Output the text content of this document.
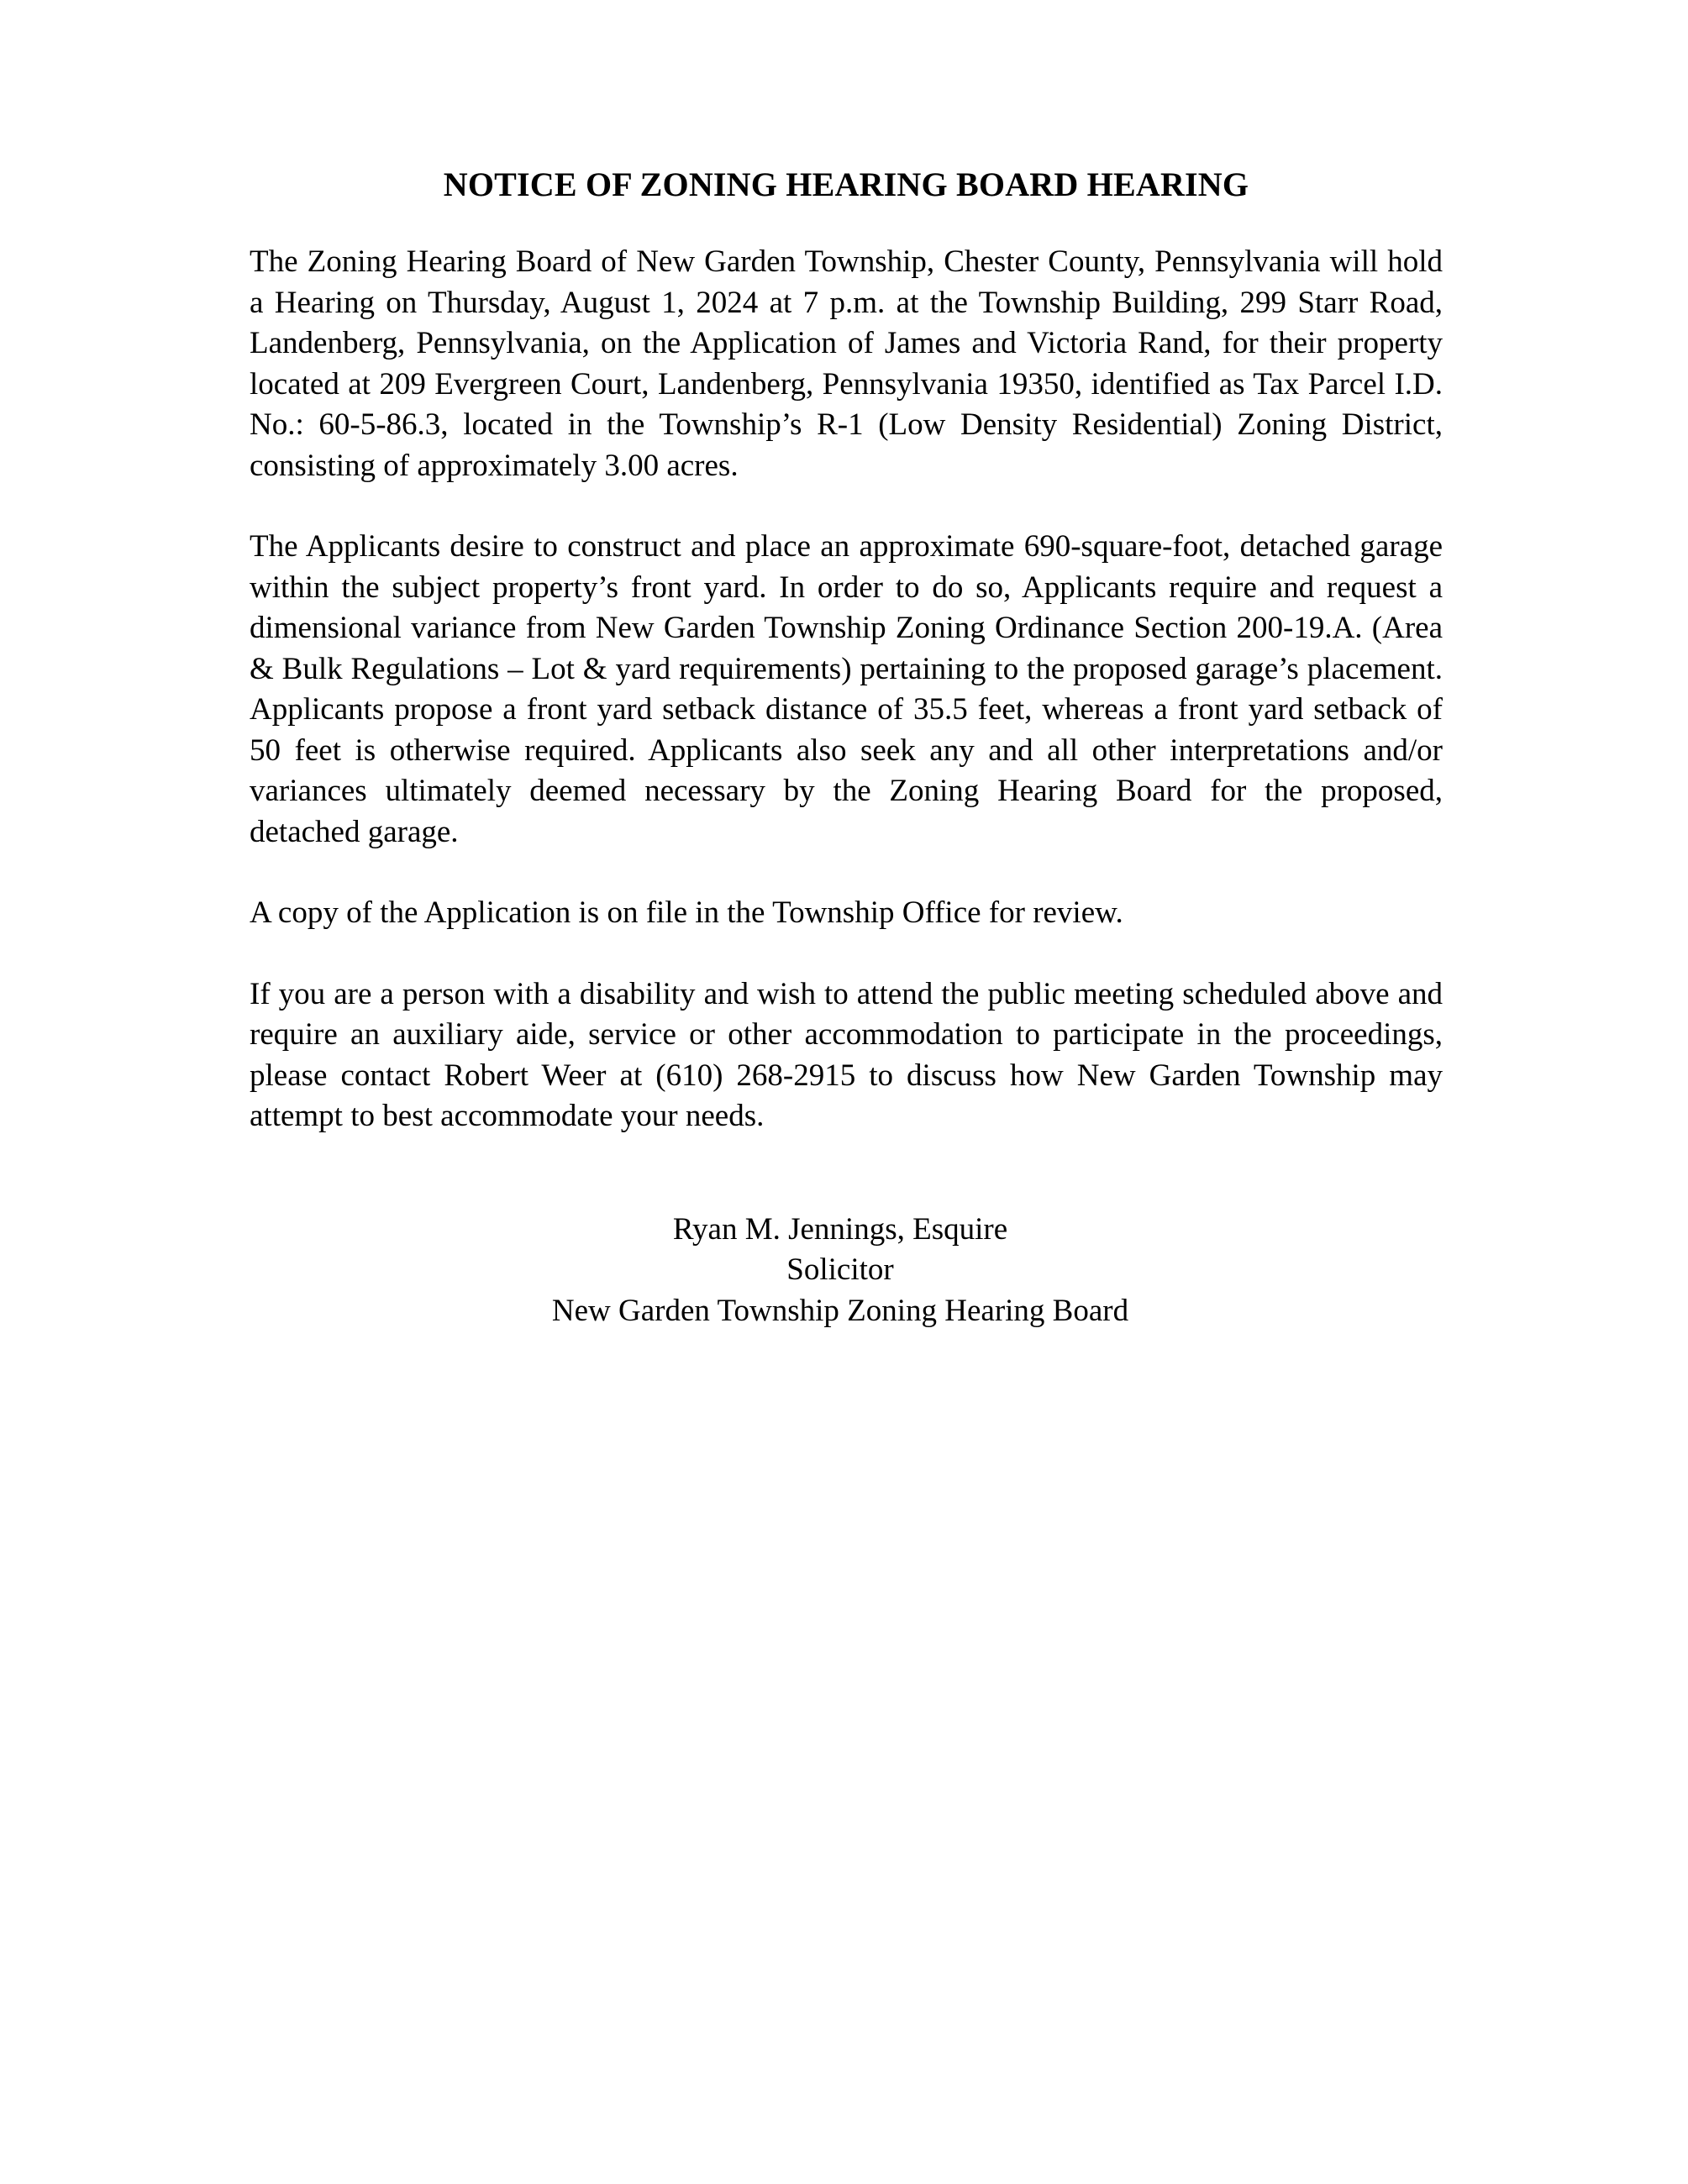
NOTICE OF ZONING HEARING BOARD HEARING

The Zoning Hearing Board of New Garden Township, Chester County, Pennsylvania will hold a Hearing on Thursday, August 1, 2024 at 7 p.m. at the Township Building, 299 Starr Road, Landenberg, Pennsylvania, on the Application of James and Victoria Rand, for their property located at 209 Evergreen Court, Landenberg, Pennsylvania 19350, identified as Tax Parcel I.D. No.: 60-5-86.3, located in the Township’s R-1 (Low Density Residential) Zoning District, consisting of approximately 3.00 acres.

The Applicants desire to construct and place an approximate 690-square-foot, detached garage within the subject property’s front yard. In order to do so, Applicants require and request a dimensional variance from New Garden Township Zoning Ordinance Section 200-19.A. (Area & Bulk Regulations – Lot & yard requirements) pertaining to the proposed garage’s placement. Applicants propose a front yard setback distance of 35.5 feet, whereas a front yard setback of 50 feet is otherwise required. Applicants also seek any and all other interpretations and/or variances ultimately deemed necessary by the Zoning Hearing Board for the proposed, detached garage.

A copy of the Application is on file in the Township Office for review.

If you are a person with a disability and wish to attend the public meeting scheduled above and require an auxiliary aide, service or other accommodation to participate in the proceedings, please contact Robert Weer at (610) 268-2915 to discuss how New Garden Township may attempt to best accommodate your needs.

Ryan M. Jennings, Esquire
Solicitor
New Garden Township Zoning Hearing Board
